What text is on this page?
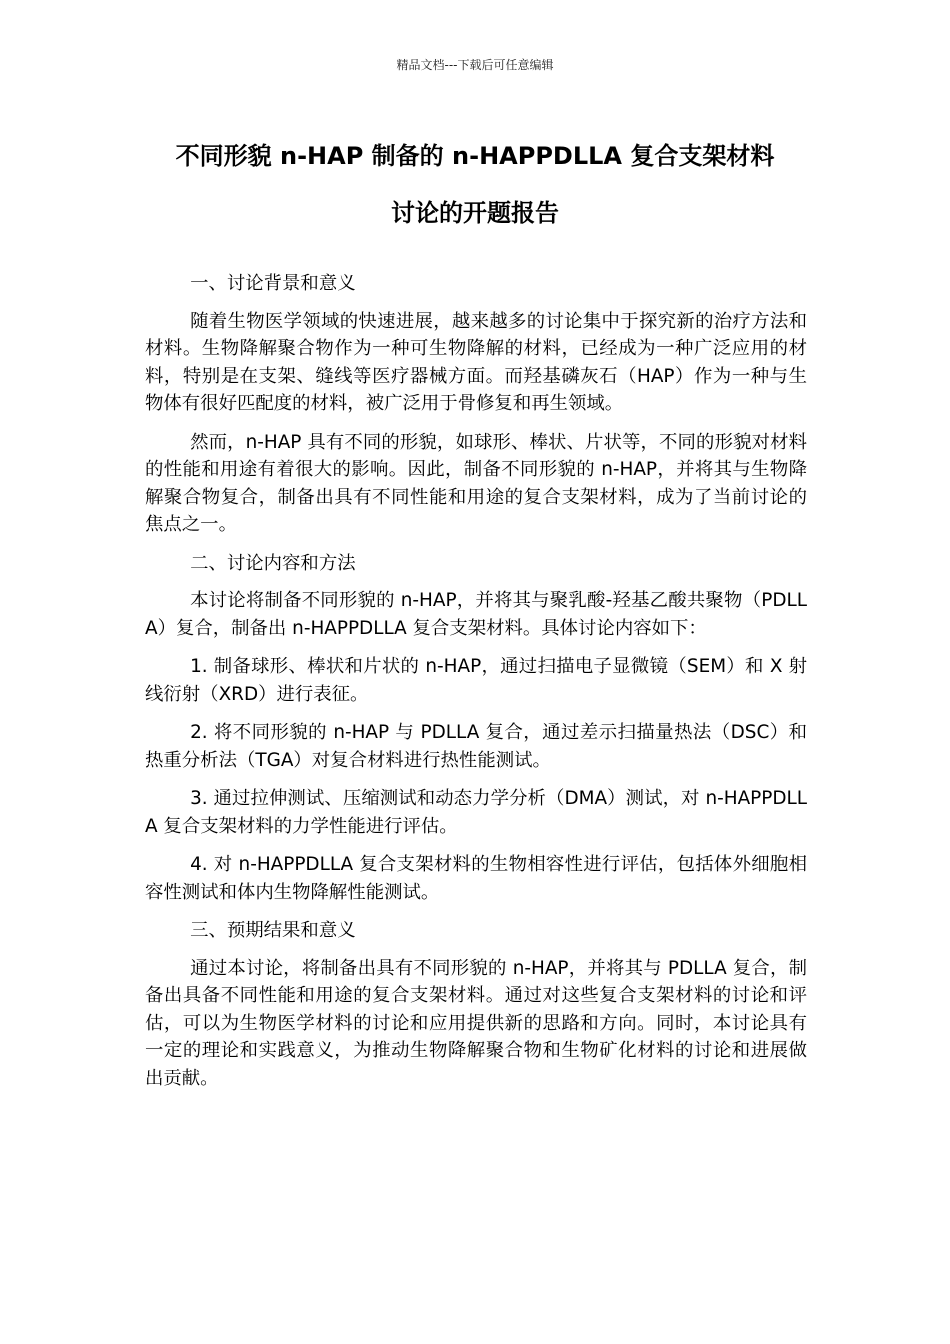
精品文档---下载后可任意编辑
不同形貌 n-HAP 制备的 n-HAPPDLLA 复合支架材料
讨论的开题报告

一、讨论背景和意义

随着生物医学领域的快速进展，越来越多的讨论集中于探究新的治疗方法和材料。生物降解聚合物作为一种可生物降解的材料，已经成为一种广泛应用的材料，特别是在支架、缝线等医疗器械方面。而羟基磷灰石（HAP）作为一种与生物体有很好匹配度的材料，被广泛用于骨修复和再生领域。

然而，n-HAP 具有不同的形貌，如球形、棒状、片状等，不同的形貌对材料的性能和用途有着很大的影响。因此，制备不同形貌的 n-HAP，并将其与生物降解聚合物复合，制备出具有不同性能和用途的复合支架材料，成为了当前讨论的焦点之一。

二、讨论内容和方法

本讨论将制备不同形貌的 n-HAP，并将其与聚乳酸-羟基乙酸共聚物（PDLLA）复合，制备出 n-HAPPDLLA 复合支架材料。具体讨论内容如下：

1. 制备球形、棒状和片状的 n-HAP，通过扫描电子显微镜（SEM）和 X 射线衍射（XRD）进行表征。

2. 将不同形貌的 n-HAP 与 PDLLA 复合，通过差示扫描量热法（DSC）和热重分析法（TGA）对复合材料进行热性能测试。

3. 通过拉伸测试、压缩测试和动态力学分析（DMA）测试，对 n-HAPPDLLA 复合支架材料的力学性能进行评估。

4. 对 n-HAPPDLLA 复合支架材料的生物相容性进行评估，包括体外细胞相容性测试和体内生物降解性能测试。

三、预期结果和意义

通过本讨论，将制备出具有不同形貌的 n-HAP，并将其与 PDLLA 复合，制备出具备不同性能和用途的复合支架材料。通过对这些复合支架材料的讨论和评估，可以为生物医学材料的讨论和应用提供新的思路和方向。同时，本讨论具有一定的理论和实践意义，为推动生物降解聚合物和生物矿化材料的讨论和进展做出贡献。
